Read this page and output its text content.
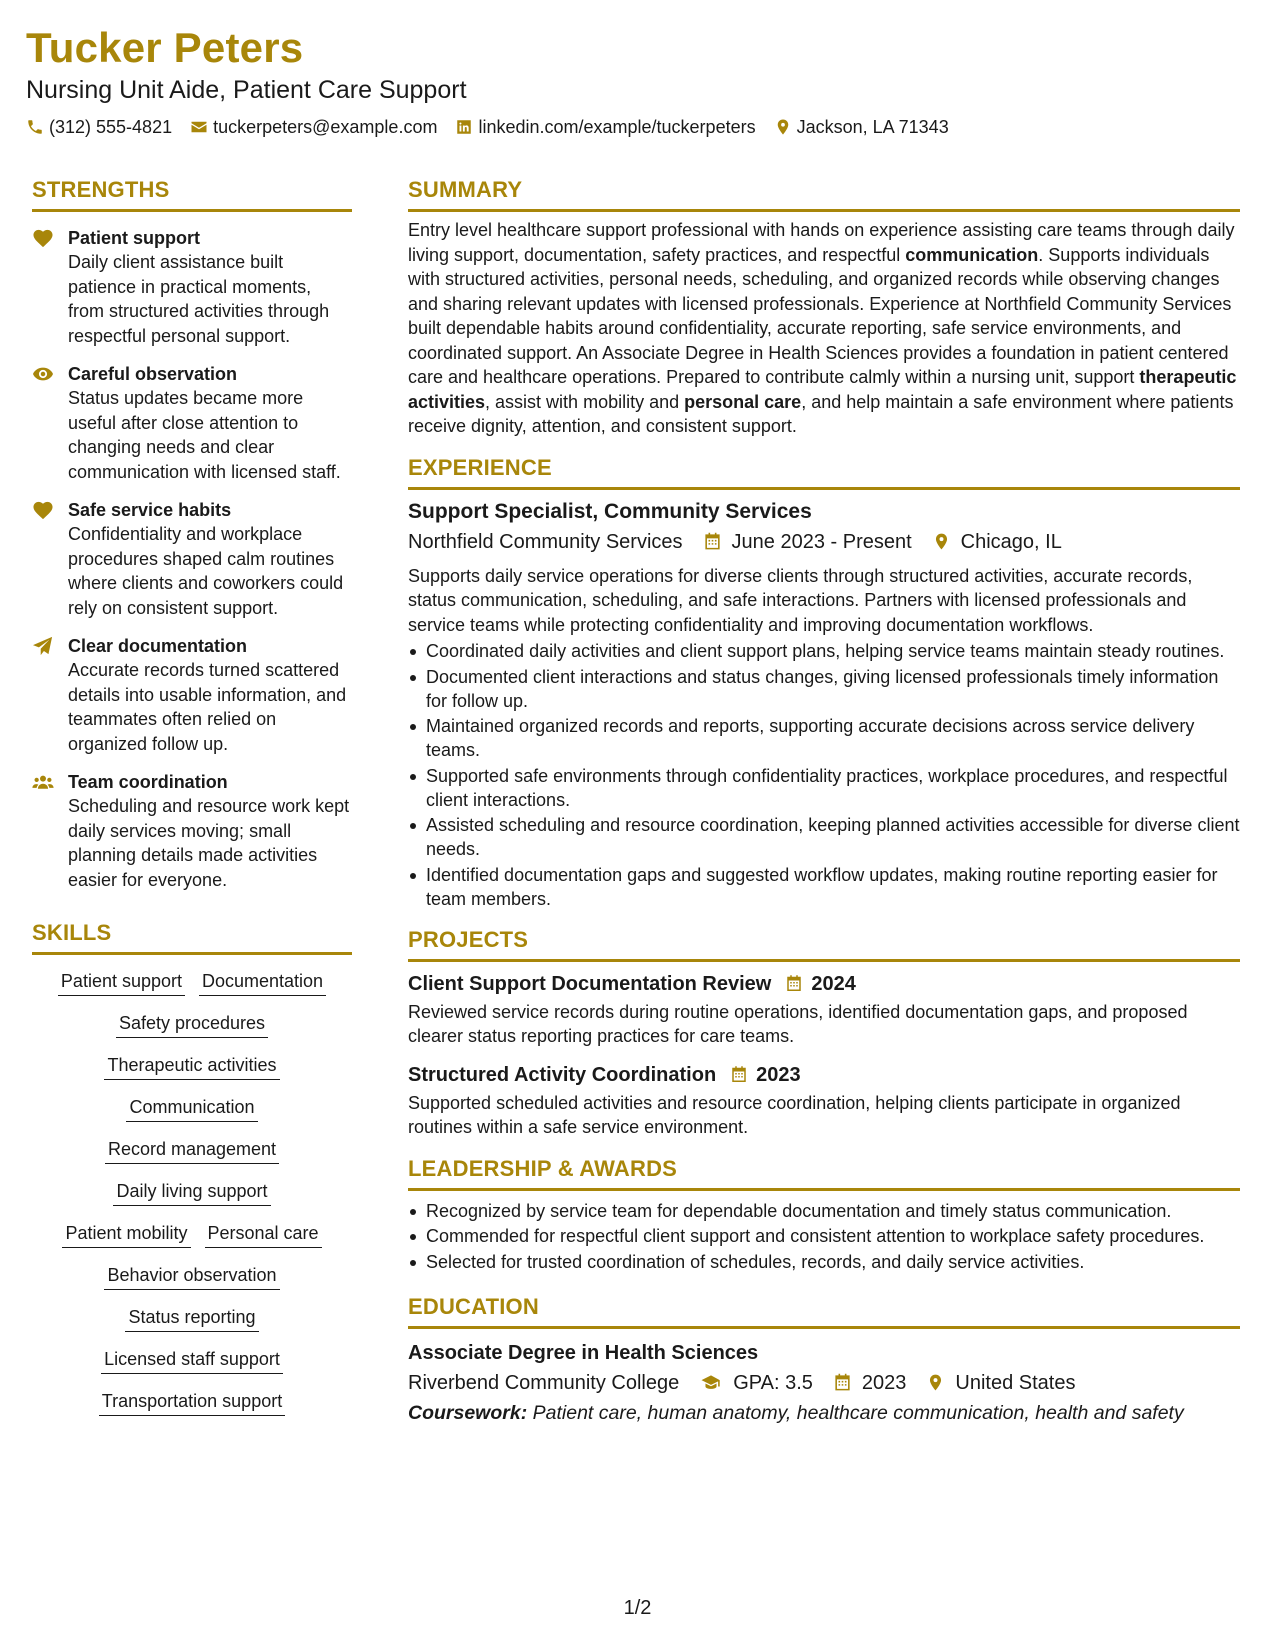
Tucker Peters
Nursing Unit Aide, Patient Care Support
(312) 555-4821 tuckerpeters@example.com linkedin.com/example/tuckerpeters Jackson, LA 71343
STRENGTHS
Patient support
Daily client assistance built patience in practical moments, from structured activities through respectful personal support.
Careful observation
Status updates became more useful after close attention to changing needs and clear communication with licensed staff.
Safe service habits
Confidentiality and workplace procedures shaped calm routines where clients and coworkers could rely on consistent support.
Clear documentation
Accurate records turned scattered details into usable information, and teammates often relied on organized follow up.
Team coordination
Scheduling and resource work kept daily services moving; small planning details made activities easier for everyone.
SKILLS
Patient support Documentation
Safety procedures
Therapeutic activities
Communication
Record management
Daily living support
Patient mobility Personal care
Behavior observation
Status reporting
Licensed staff support
Transportation support
SUMMARY
Entry level healthcare support professional with hands on experience assisting care teams through daily living support, documentation, safety practices, and respectful communication. Supports individuals with structured activities, personal needs, scheduling, and organized records while observing changes and sharing relevant updates with licensed professionals. Experience at Northfield Community Services built dependable habits around confidentiality, accurate reporting, safe service environments, and coordinated support. An Associate Degree in Health Sciences provides a foundation in patient centered care and healthcare operations. Prepared to contribute calmly within a nursing unit, support therapeutic activities, assist with mobility and personal care, and help maintain a safe environment where patients receive dignity, attention, and consistent support.
EXPERIENCE
Support Specialist, Community Services
Northfield Community Services June 2023 - Present Chicago, IL
Supports daily service operations for diverse clients through structured activities, accurate records, status communication, scheduling, and safe interactions. Partners with licensed professionals and service teams while protecting confidentiality and improving documentation workflows.
Coordinated daily activities and client support plans, helping service teams maintain steady routines.
Documented client interactions and status changes, giving licensed professionals timely information for follow up.
Maintained organized records and reports, supporting accurate decisions across service delivery teams.
Supported safe environments through confidentiality practices, workplace procedures, and respectful client interactions.
Assisted scheduling and resource coordination, keeping planned activities accessible for diverse client needs.
Identified documentation gaps and suggested workflow updates, making routine reporting easier for team members.
PROJECTS
Client Support Documentation Review 2024
Reviewed service records during routine operations, identified documentation gaps, and proposed clearer status reporting practices for care teams.
Structured Activity Coordination 2023
Supported scheduled activities and resource coordination, helping clients participate in organized routines within a safe service environment.
LEADERSHIP & AWARDS
Recognized by service team for dependable documentation and timely status communication.
Commended for respectful client support and consistent attention to workplace safety procedures.
Selected for trusted coordination of schedules, records, and daily service activities.
EDUCATION
Associate Degree in Health Sciences
Riverbend Community College	GPA: 3.5 2023 United States
Coursework: Patient care, human anatomy, healthcare communication, health and safety
1/2
